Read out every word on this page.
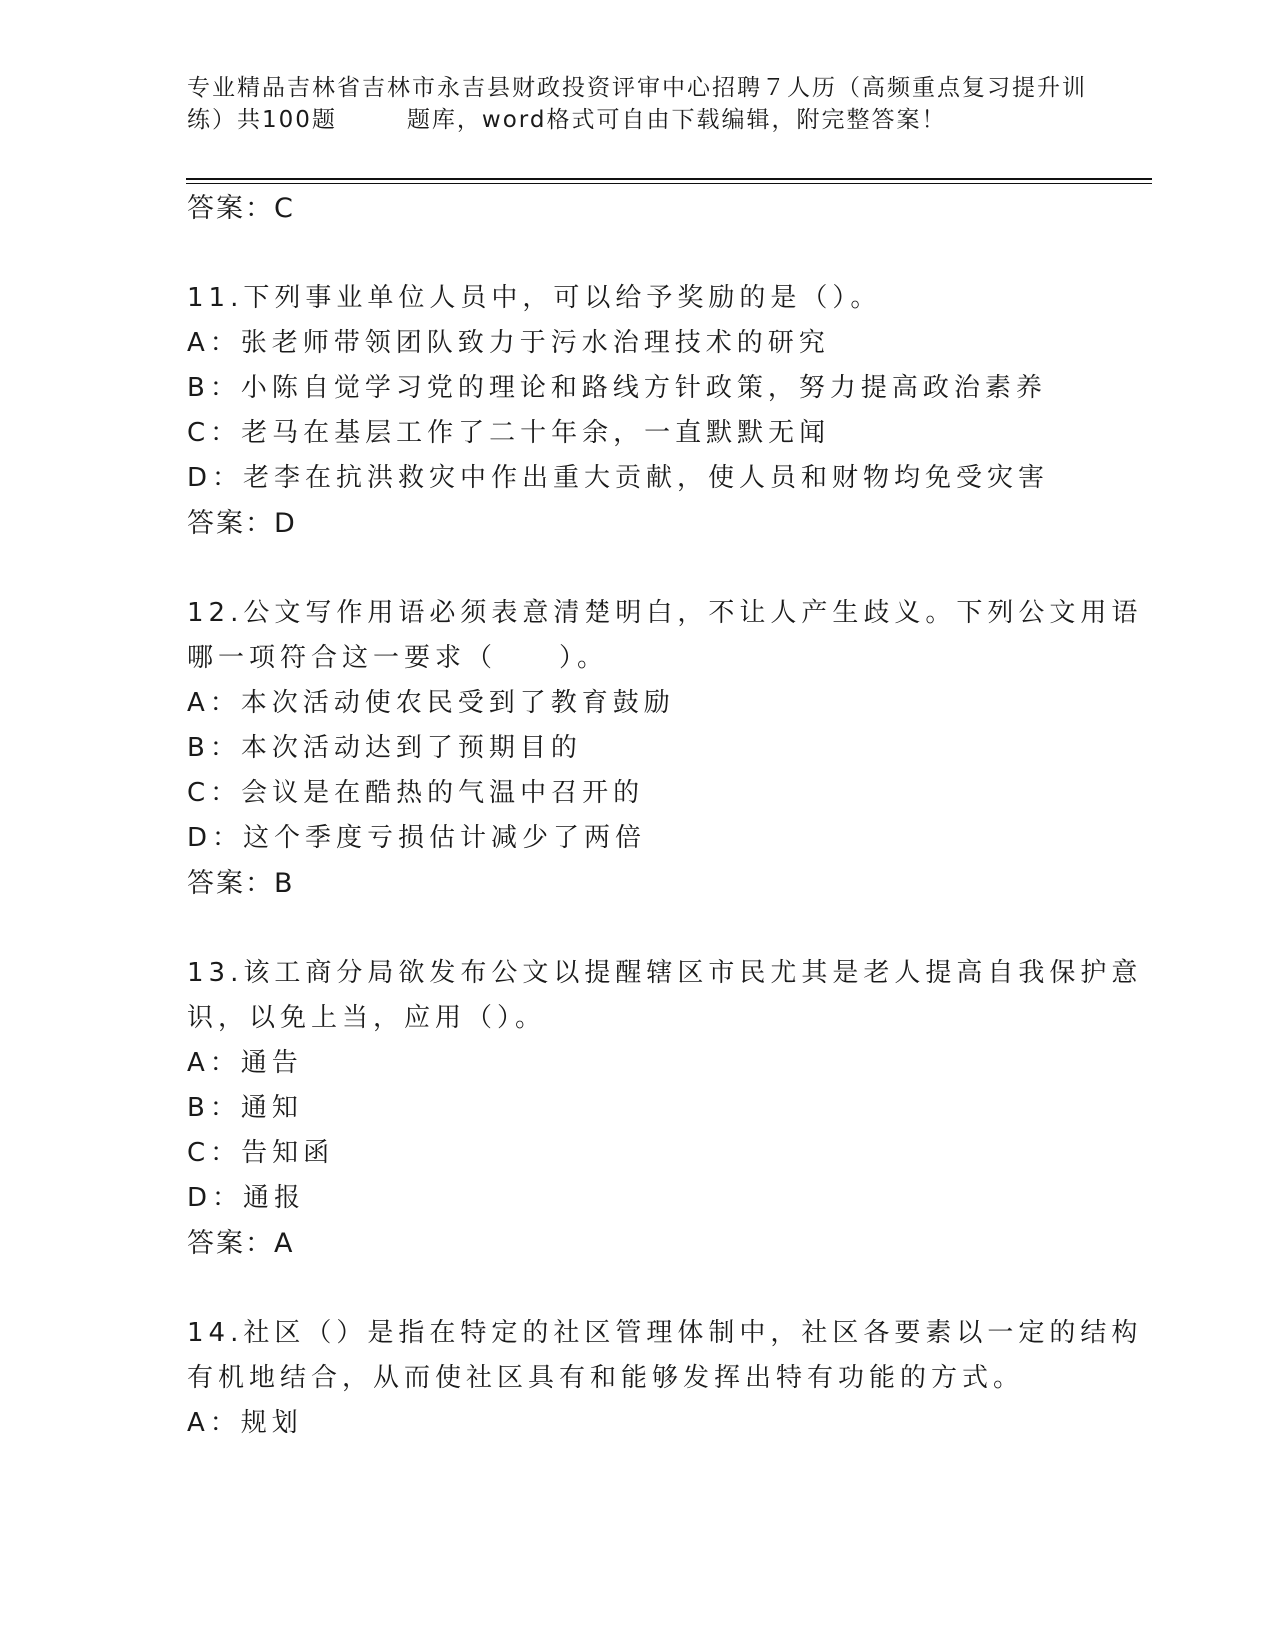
专业精品吉林省吉林市永吉县财政投资评审中心招聘７人历（高频重点复习提升训
练）共100题	题库，word格式可自由下载编辑，附完整答案！
答案：C
11.下列事业单位人员中，可以给予奖励的是（）。
A：张老师带领团队致力于污水治理技术的研究
B：小陈自觉学习党的理论和路线方针政策，努力提高政治素养
C：老马在基层工作了二十年余，一直默默无闻
D：老李在抗洪救灾中作出重大贡献，使人员和财物均免受灾害
答案：D
12.公文写作用语必须表意清楚明白，不让人产生歧义。下列公文用语
哪一项符合这一要求（　　）。
A：本次活动使农民受到了教育鼓励
B：本次活动达到了预期目的
C：会议是在酷热的气温中召开的
D：这个季度亏损估计减少了两倍
答案：B
13.该工商分局欲发布公文以提醒辖区市民尤其是老人提高自我保护意
识，以免上当，应用（）。
A：通告
B：通知
C：告知函
D：通报
答案：A
14.社区（）是指在特定的社区管理体制中，社区各要素以一定的结构
有机地结合，从而使社区具有和能够发挥出特有功能的方式。
A：规划
